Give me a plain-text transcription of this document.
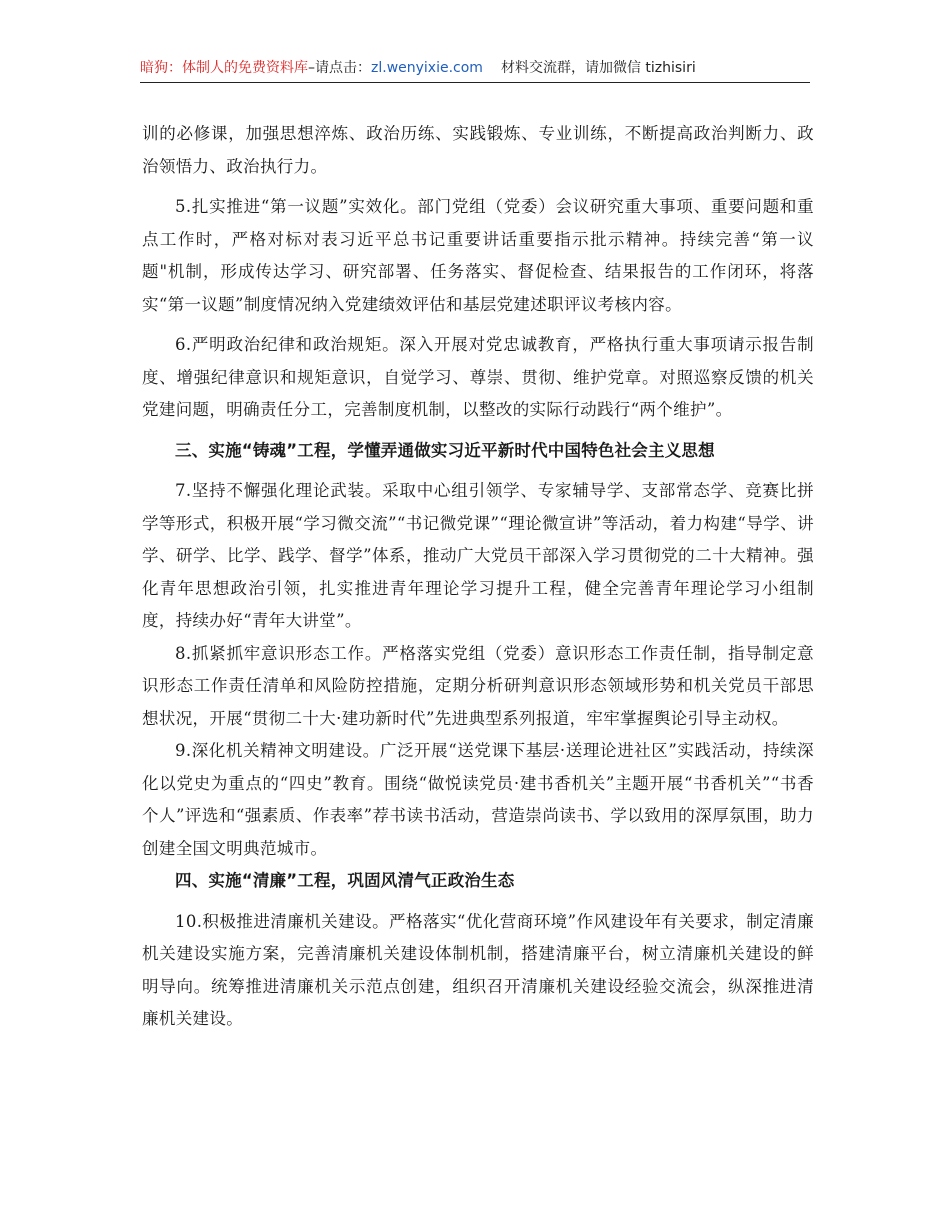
暗狗：体制人的免费资料库–请点击：zl.wenyixie.com 材料交流群，请加微信 tizhisiri

训的必修课，加强思想淬炼、政治历练、实践锻炼、专业训练，不断提高政治判断力、政治领悟力、政治执行力。

5.扎实推进“第一议题”实效化。部门党组（党委）会议研究重大事项、重要问题和重点工作时，严格对标对表习近平总书记重要讲话重要指示批示精神。持续完善“第一议题"机制，形成传达学习、研究部署、任务落实、督促检查、结果报告的工作闭环，将落实“第一议题”制度情况纳入党建绩效评估和基层党建述职评议考核内容。

6.严明政治纪律和政治规矩。深入开展对党忠诚教育，严格执行重大事项请示报告制度、增强纪律意识和规矩意识，自觉学习、尊崇、贯彻、维护党章。对照巡察反馈的机关党建问题，明确责任分工，完善制度机制，以整改的实际行动践行“两个维护”。

三、实施“铸魂”工程，学懂弄通做实习近平新时代中国特色社会主义思想

7.坚持不懈强化理论武装。采取中心组引领学、专家辅导学、支部常态学、竞赛比拼学等形式，积极开展“学习微交流”“书记微党课”“理论微宣讲”等活动，着力构建“导学、讲学、研学、比学、践学、督学”体系，推动广大党员干部深入学习贯彻党的二十大精神。强化青年思想政治引领，扎实推进青年理论学习提升工程，健全完善青年理论学习小组制度，持续办好“青年大讲堂”。

8.抓紧抓牢意识形态工作。严格落实党组（党委）意识形态工作责任制，指导制定意识形态工作责任清单和风险防控措施，定期分析研判意识形态领域形势和机关党员干部思想状况，开展“贯彻二十大·建功新时代”先进典型系列报道，牢牢掌握舆论引导主动权。

9.深化机关精神文明建设。广泛开展“送党课下基层·送理论进社区”实践活动，持续深化以党史为重点的“四史”教育。围绕“做悦读党员·建书香机关”主题开展“书香机关”“书香个人”评选和“强素质、作表率”荐书读书活动，营造崇尚读书、学以致用的深厚氛围，助力创建全国文明典范城市。

四、实施“清廉”工程，巩固风清气正政治生态

10.积极推进清廉机关建设。严格落实“优化营商环境”作风建设年有关要求，制定清廉机关建设实施方案，完善清廉机关建设体制机制，搭建清廉平台，树立清廉机关建设的鲜明导向。统筹推进清廉机关示范点创建，组织召开清廉机关建设经验交流会，纵深推进清廉机关建设。
